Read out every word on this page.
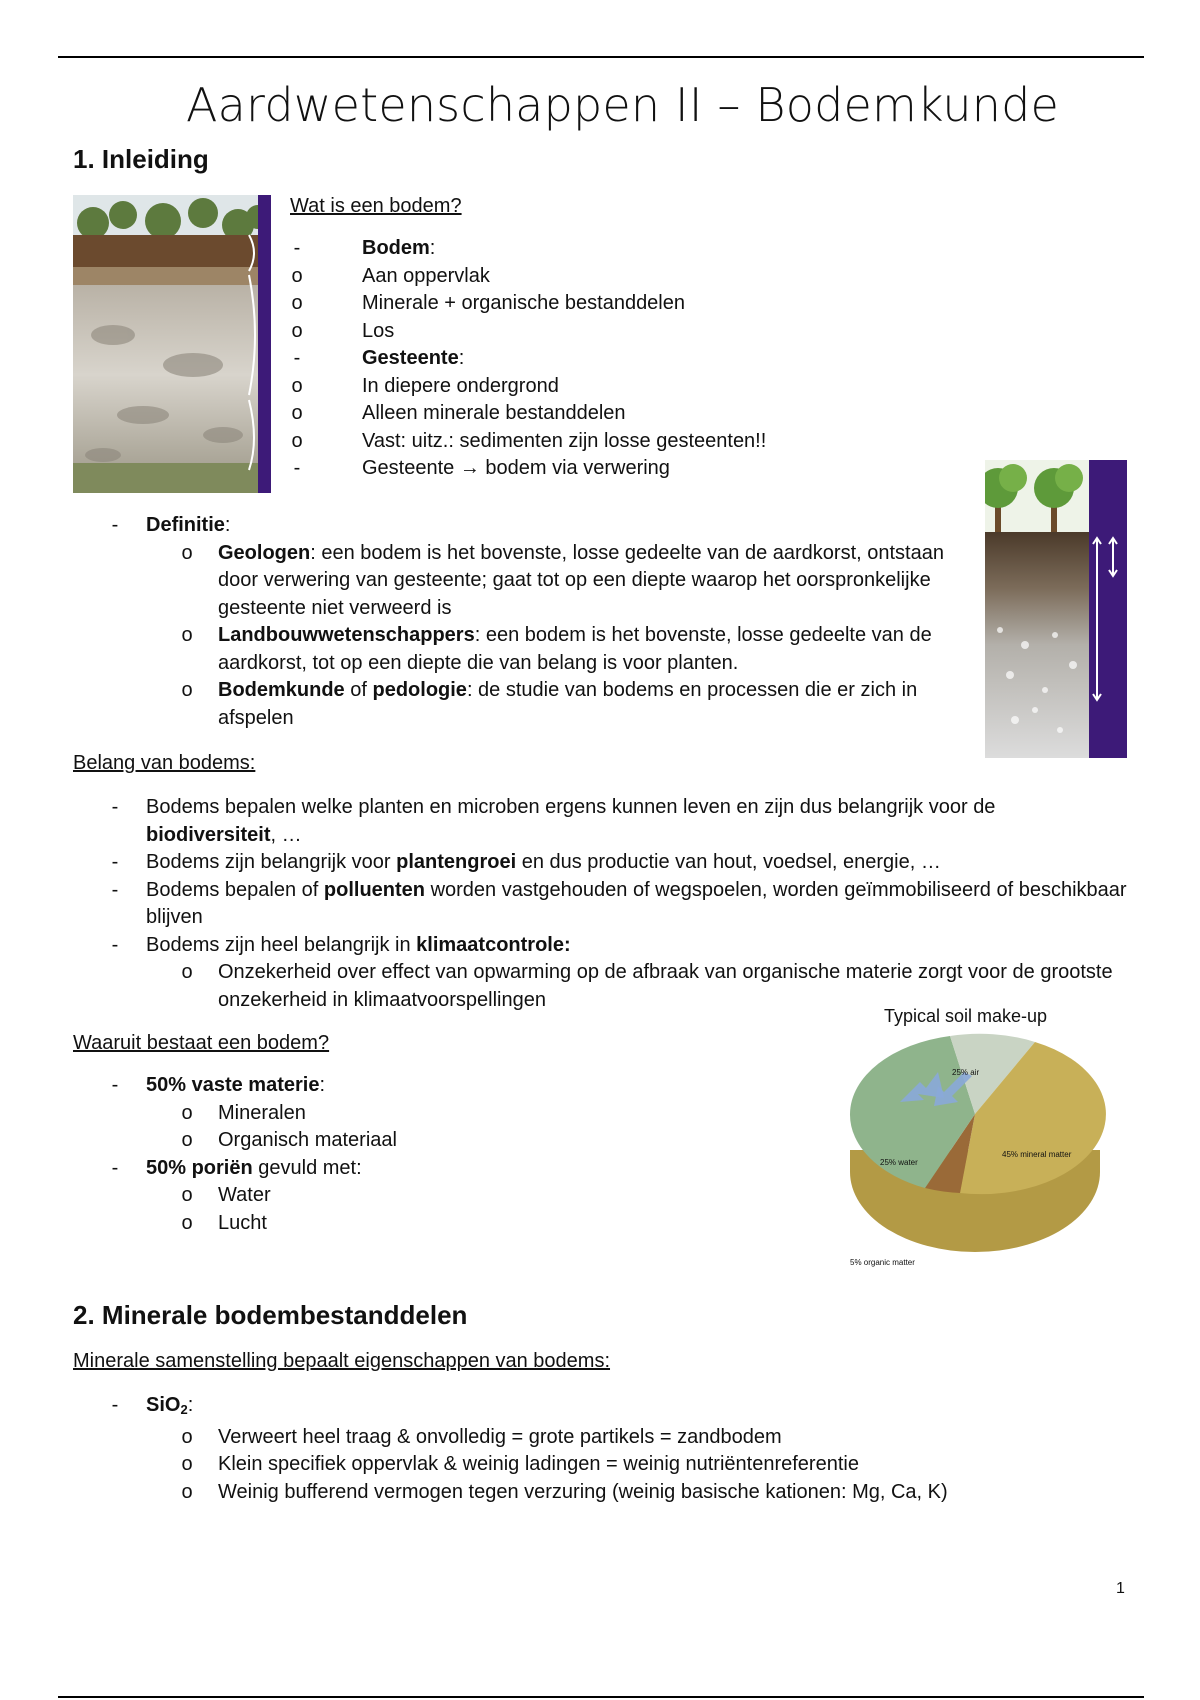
Aardwetenschappen II – Bodemkunde
1. Inleiding
Wat is een bodem?
-	Bodem:
o	Aan oppervlak
o	Minerale + organische bestanddelen
o	Los
-	Gesteente:
o	In diepere ondergrond
o	Alleen minerale bestanddelen
o	Vast: uitz.: sedimenten zijn losse gesteenten!!
-	Gesteente → bodem via verwering
- Definitie:
o Geologen: een bodem is het bovenste, losse gedeelte van de aardkorst, ontstaan door verwering van gesteente; gaat tot op een diepte waarop het oorspronkelijke gesteente niet verweerd is
o Landbouwwetenschappers: een bodem is het bovenste, losse gedeelte van de aardkorst, tot op een diepte die van belang is voor planten.
o Bodemkunde of pedologie: de studie van bodems en processen die er zich in afspelen
Belang van bodems:
- Bodems bepalen welke planten en microben ergens kunnen leven en zijn dus belangrijk voor de biodiversiteit, …
- Bodems zijn belangrijk voor plantengroei en dus productie van hout, voedsel, energie, …
- Bodems bepalen of polluenten worden vastgehouden of wegspoelen, worden geïmmobiliseerd of beschikbaar blijven
- Bodems zijn heel belangrijk in klimaatcontrole:
o Onzekerheid over effect van opwarming op de afbraak van organische materie zorgt voor de grootste onzekerheid in klimaatvoorspellingen
Waaruit bestaat een bodem?
- 50% vaste materie:
o Mineralen
o Organisch materiaal
- 50% poriën gevuld met:
o Water
o Lucht
Typical soil make-up
25% air
25% water
45% mineral matter
5% organic matter
2. Minerale bodembestanddelen
Minerale samenstelling bepaalt eigenschappen van bodems:
- SiO2:
o Verweert heel traag & onvolledig = grote partikels = zandbodem
o Klein specifiek oppervlak & weinig ladingen = weinig nutriëntenreferentie
o Weinig bufferend vermogen tegen verzuring (weinig basische kationen: Mg, Ca, K)
1
